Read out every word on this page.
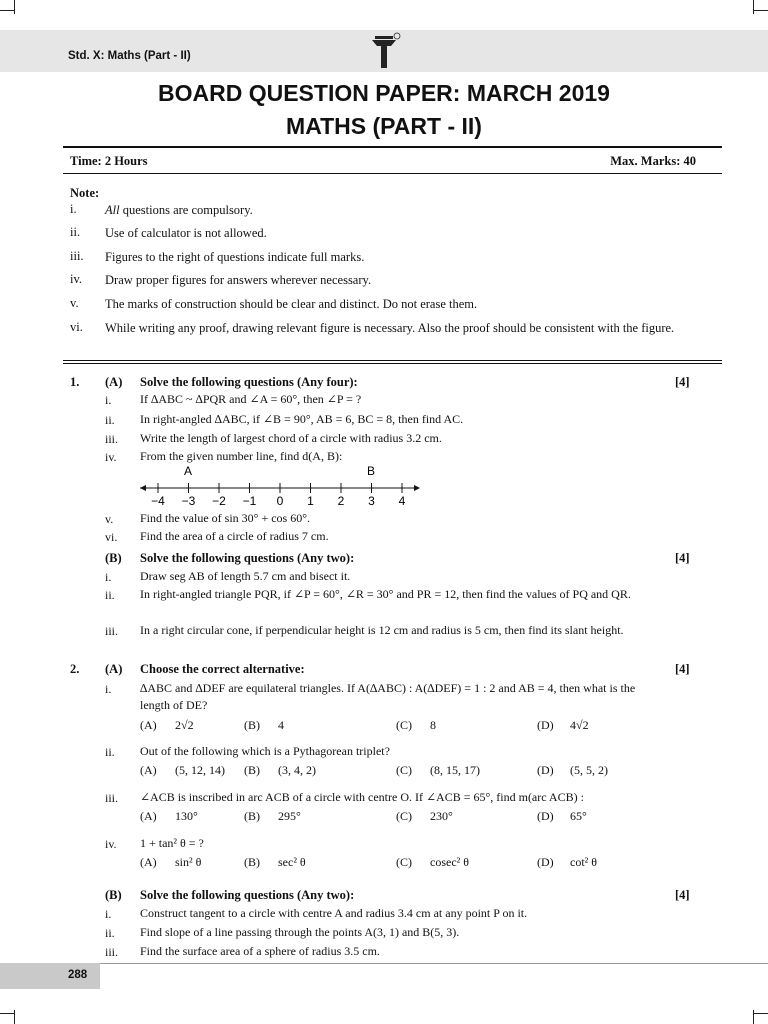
Std. X: Maths (Part - II)
BOARD QUESTION PAPER: MARCH 2019
MATHS (PART - II)
Time: 2 Hours	Max. Marks: 40
Note:
i. All questions are compulsory.
ii. Use of calculator is not allowed.
iii. Figures to the right of questions indicate full marks.
iv. Draw proper figures for answers wherever necessary.
v. The marks of construction should be clear and distinct. Do not erase them.
vi. While writing any proof, drawing relevant figure is necessary. Also the proof should be consistent with the figure.
1. (A) Solve the following questions (Any four):	[4]
i. If ∆ABC ~ ∆PQR and ∠A = 60°, then ∠P = ?
ii. In right-angled ∆ABC, if ∠B = 90°, AB = 6, BC = 8, then find AC.
iii. Write the length of largest chord of a circle with radius 3.2 cm.
iv. From the given number line, find d(A, B):
−4 −3 −2 −1 0 1 2 3 4
A	B
v. Find the value of sin 30° + cos 60°.
vi. Find the area of a circle of radius 7 cm.
(B) Solve the following questions (Any two):	[4]
i. Draw seg AB of length 5.7 cm and bisect it.
ii. In right-angled triangle PQR, if ∠P = 60°, ∠R = 30° and PR = 12, then find the values of PQ and QR.
iii. In a right circular cone, if perpendicular height is 12 cm and radius is 5 cm, then find its slant height.
2. (A) Choose the correct alternative:	[4]
i. ∆ABC and ∆DEF are equilateral triangles. If A(∆ABC) : A(∆DEF) = 1 : 2 and AB = 4, then what is the length of DE?
(A) 2√2	(B) 4	(C) 8	(D) 4√2
ii. Out of the following which is a Pythagorean triplet?
(A) (5, 12, 14) (B) (3, 4, 2)	(C) (8, 15, 17)	(D) (5, 5, 2)
iii. ∠ACB is inscribed in arc ACB of a circle with centre O. If ∠ACB = 65°, find m(arc ACB) :
(A) 130°	(B) 295°	(C) 230°	(D) 65°
iv. 1 + tan² θ = ?
(A) sin² θ	(B) sec² θ	(C) cosec² θ	(D) cot² θ
(B) Solve the following questions (Any two):	[4]
i. Construct tangent to a circle with centre A and radius 3.4 cm at any point P on it.
ii. Find slope of a line passing through the points A(3, 1) and B(5, 3).
iii. Find the surface area of a sphere of radius 3.5 cm.
288
